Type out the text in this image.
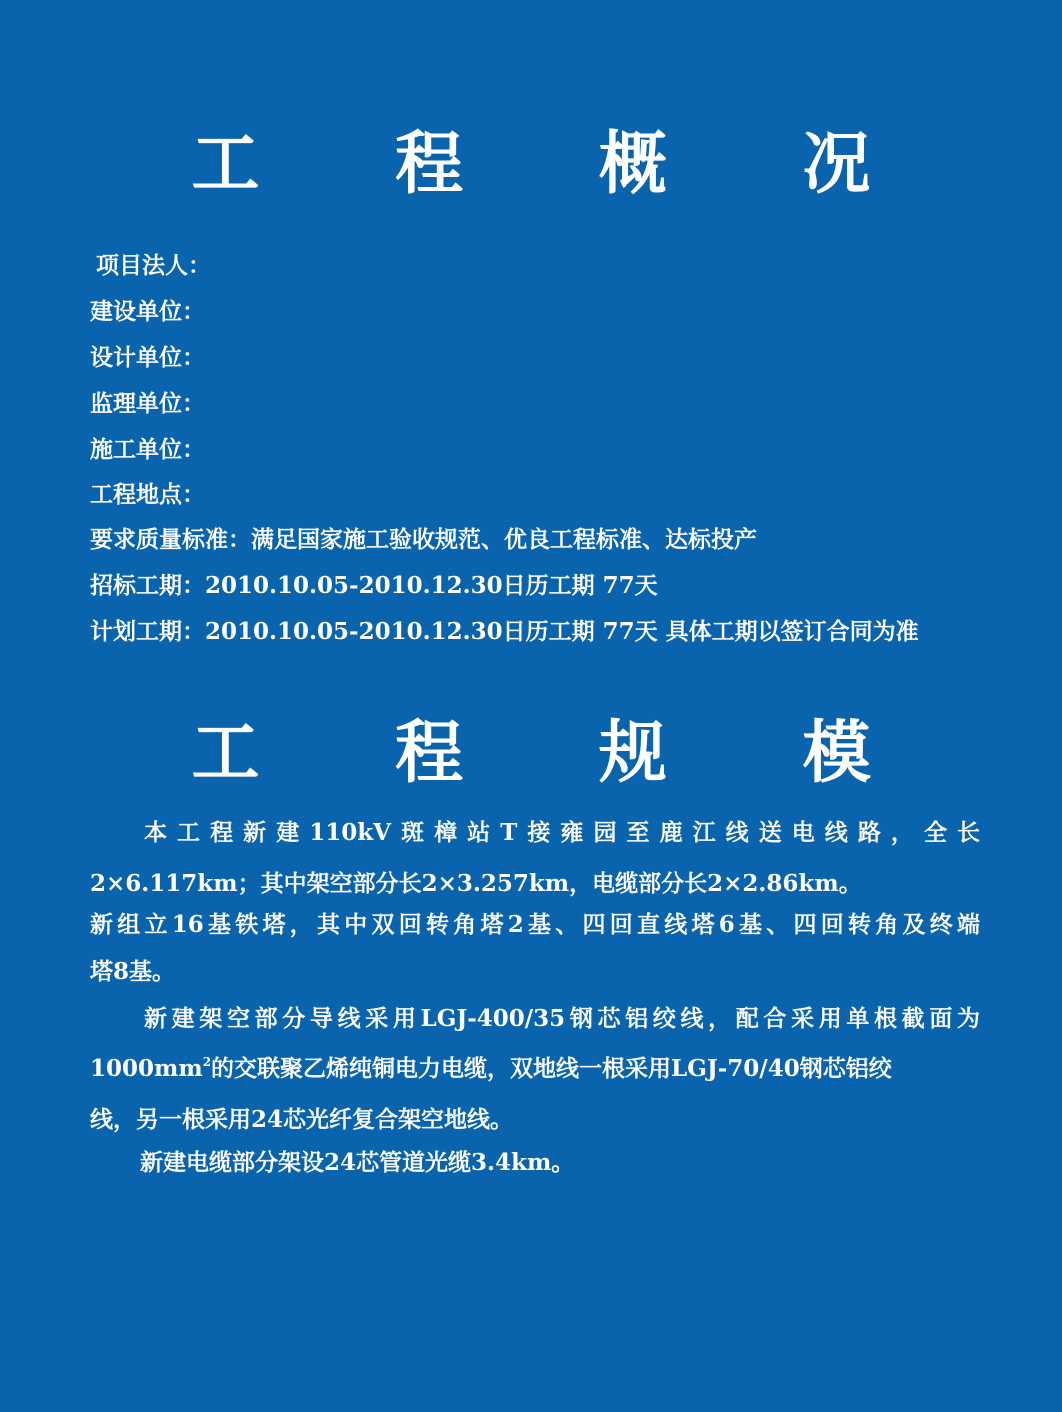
工 程 概 况
项目法人：
建设单位：
设计单位：
监理单位：
施工单位：
工程地点：
要求质量标准：满足国家施工验收规范、优良工程标准、达标投产
招标工期：2010.10.05-2010.12.30日历工期 77天
计划工期：2010.10.05-2010.12.30日历工期 77天 具体工期以签订合同为准
工 程 规 模
本工程新建110kV斑樟站T接雍园至鹿江线送电线路，全长
2×6.117km；其中架空部分长2×3.257km，电缆部分长2×2.86km。
新组立16基铁塔，其中双回转角塔2基、四回直线塔6基、四回转角及终端
塔8基。
新建架空部分导线采用LGJ-400/35钢芯铝绞线，配合采用单根截面为
$1000mm^2$的交联聚乙烯纯铜电力电缆，双地线一根采用LGJ-70/40钢芯铝绞
线，另一根采用24芯光纤复合架空地线。
新建电缆部分架设24芯管道光缆3.4km。
